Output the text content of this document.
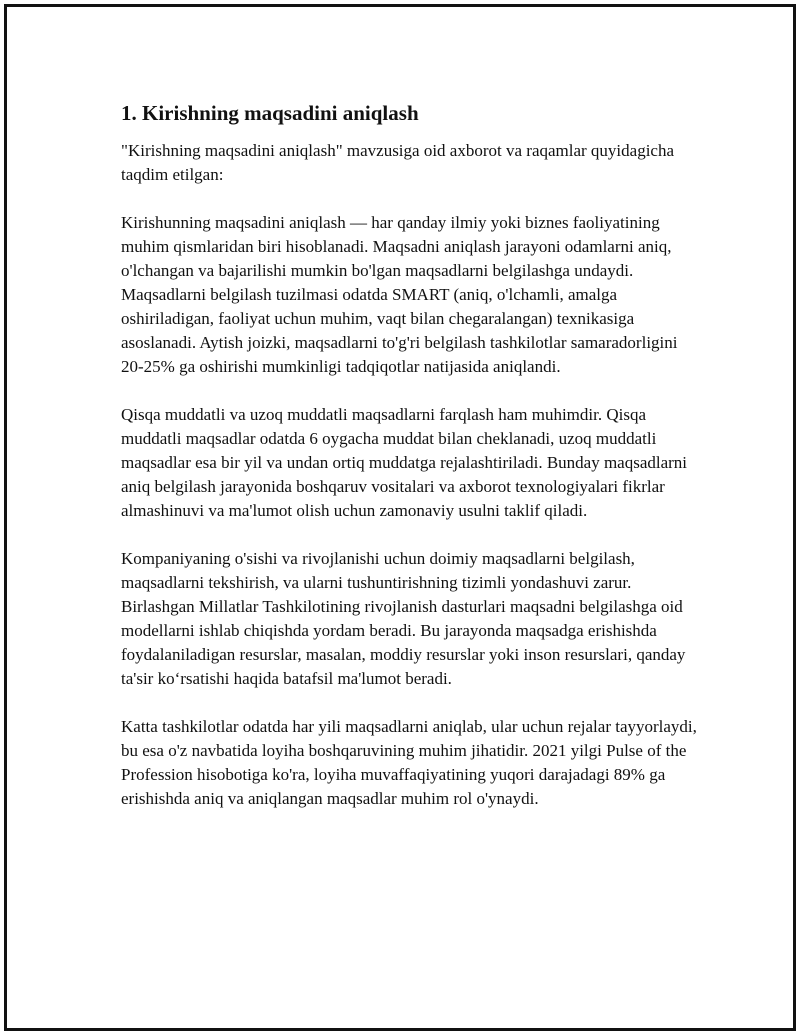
1. Kirishning maqsadini aniqlash

"Kirishning maqsadini aniqlash" mavzusiga oid axborot va raqamlar quyidagicha taqdim etilgan:

Kirishunning maqsadini aniqlash — har qanday ilmiy yoki biznes faoliyatining muhim qismlaridan biri hisoblanadi. Maqsadni aniqlash jarayoni odamlarni aniq, o'lchangan va bajarilishi mumkin bo'lgan maqsadlarni belgilashga undaydi. Maqsadlarni belgilash tuzilmasi odatda SMART (aniq, o'lchamli, amalga oshiriladigan, faoliyat uchun muhim, vaqt bilan chegaralangan) texnikasiga asoslanadi. Aytish joizki, maqsadlarni to'g'ri belgilash tashkilotlar samaradorligini 20-25% ga oshirishi mumkinligi tadqiqotlar natijasida aniqlandi.

Qisqa muddatli va uzoq muddatli maqsadlarni farqlash ham muhimdir. Qisqa muddatli maqsadlar odatda 6 oygacha muddat bilan cheklanadi, uzoq muddatli maqsadlar esa bir yil va undan ortiq muddatga rejalashtiriladi. Bunday maqsadlarni aniq belgilash jarayonida boshqaruv vositalari va axborot texnologiyalari fikrlar almashinuvi va ma'lumot olish uchun zamonaviy usulni taklif qiladi.

Kompaniyaning o'sishi va rivojlanishi uchun doimiy maqsadlarni belgilash, maqsadlarni tekshirish, va ularni tushuntirishning tizimli yondashuvi zarur. Birlashgan Millatlar Tashkilotining rivojlanish dasturlari maqsadni belgilashga oid modellarni ishlab chiqishda yordam beradi. Bu jarayonda maqsadga erishishda foydalaniladigan resurslar, masalan, moddiy resurslar yoki inson resurslari, qanday ta'sir ko‘rsatishi haqida batafsil ma'lumot beradi.

Katta tashkilotlar odatda har yili maqsadlarni aniqlab, ular uchun rejalar tayyorlaydi, bu esa o'z navbatida loyiha boshqaruvining muhim jihatidir. 2021 yilgi Pulse of the Profession hisobotiga ko'ra, loyiha muvaffaqiyatining yuqori darajadagi 89% ga erishishda aniq va aniqlangan maqsadlar muhim rol o'ynaydi.
